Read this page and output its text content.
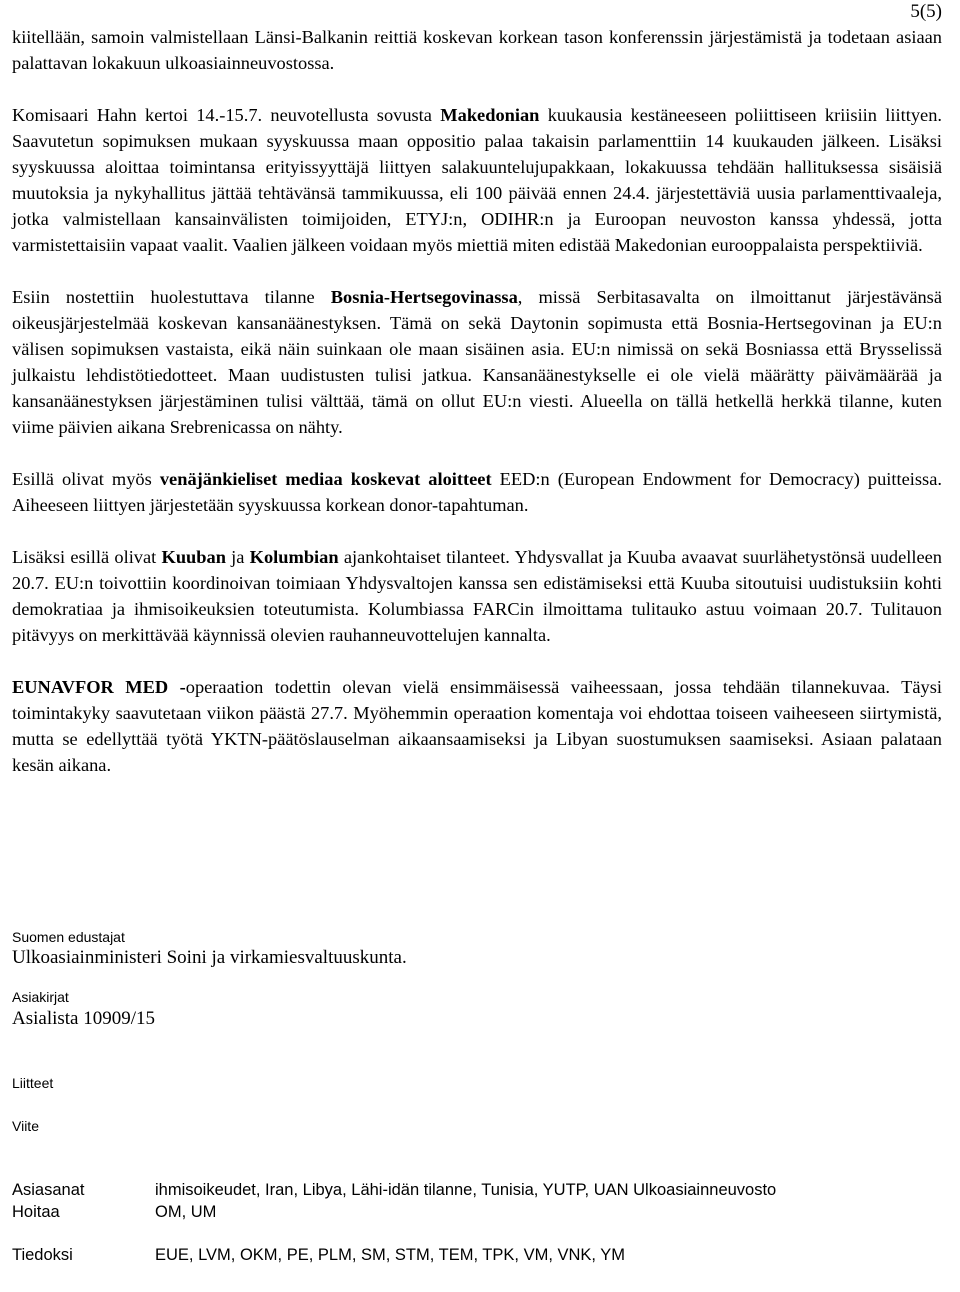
5(5)

kiitellään, samoin valmistellaan Länsi-Balkanin reittiä koskevan korkean tason konferenssin järjestämistä ja todetaan asiaan palattavan lokakuun ulkoasiainneuvostossa.

Komisaari Hahn kertoi 14.-15.7. neuvotellusta sovusta Makedonian kuukausia kestäneeseen poliittiseen kriisiin liittyen. Saavutetun sopimuksen mukaan syyskuussa maan oppositio palaa takaisin parlamenttiin 14 kuukauden jälkeen. Lisäksi syyskuussa aloittaa toimintansa erityissyyttäjä liittyen salakuuntelujupakkaan, lokakuussa tehdään hallituksessa sisäisiä muutoksia ja nykyhallitus jättää tehtävänsä tammikuussa, eli 100 päivää ennen 24.4. järjestettäviä uusia parlamenttivaaleja, jotka valmistellaan kansainvälisten toimijoiden, ETYJ:n, ODIHR:n ja Euroopan neuvoston kanssa yhdessä, jotta varmistettaisiin vapaat vaalit. Vaalien jälkeen voidaan myös miettiä miten edistää Makedonian eurooppalaista perspektiiviä.

Esiin nostettiin huolestuttava tilanne Bosnia-Hertsegovinassa, missä Serbitasavalta on ilmoittanut järjestävänsä oikeusjärjestelmää koskevan kansanäänestyksen. Tämä on sekä Daytonin sopimusta että Bosnia-Hertsegovinan ja EU:n välisen sopimuksen vastaista, eikä näin suinkaan ole maan sisäinen asia. EU:n nimissä on sekä Bosniassa että Brysselissä julkaistu lehdistötiedotteet. Maan uudistusten tulisi jatkua. Kansanäänestykselle ei ole vielä määrätty päivämäärää ja kansanäänestyksen järjestäminen tulisi välttää, tämä on ollut EU:n viesti. Alueella on tällä hetkellä herkkä tilanne, kuten viime päivien aikana Srebrenicassa on nähty.

Esillä olivat myös venäjänkieliset mediaa koskevat aloitteet EED:n (European Endowment for Democracy) puitteissa. Aiheeseen liittyen järjestetään syyskuussa korkean donor-tapahtuman.

Lisäksi esillä olivat Kuuban ja Kolumbian ajankohtaiset tilanteet. Yhdysvallat ja Kuuba avaavat suurlähetystönsä uudelleen 20.7. EU:n toivottiin koordinoivan toimiaan Yhdysvaltojen kanssa sen edistämiseksi että Kuuba sitoutuisi uudistuksiin kohti demokratiaa ja ihmisoikeuksien toteutumista. Kolumbiassa FARCin ilmoittama tulitauko astuu voimaan 20.7. Tulitauon pitävyys on merkittävää käynnissä olevien rauhanneuvottelujen kannalta.

EUNAVFOR MED -operaation todettin olevan vielä ensimmäisessä vaiheessaan, jossa tehdään tilannekuvaa. Täysi toimintakyky saavutetaan viikon päästä 27.7. Myöhemmin operaation komentaja voi ehdottaa toiseen vaiheeseen siirtymistä, mutta se edellyttää työtä YKTN-päätöslauselman aikaansaamiseksi ja Libyan suostumuksen saamiseksi. Asiaan palataan kesän aikana.

Suomen edustajat
Ulkoasiainministeri Soini ja virkamiesvaltuuskunta.
Asiakirjat
Asialista 10909/15
Liitteet
Viite
Asiasanat	ihmisoikeudet, Iran, Libya, Lähi-idän tilanne, Tunisia, YUTP, UAN Ulkoasiainneuvosto
Hoitaa	OM, UM
Tiedoksi	EUE, LVM, OKM, PE, PLM, SM, STM, TEM, TPK, VM, VNK, YM
